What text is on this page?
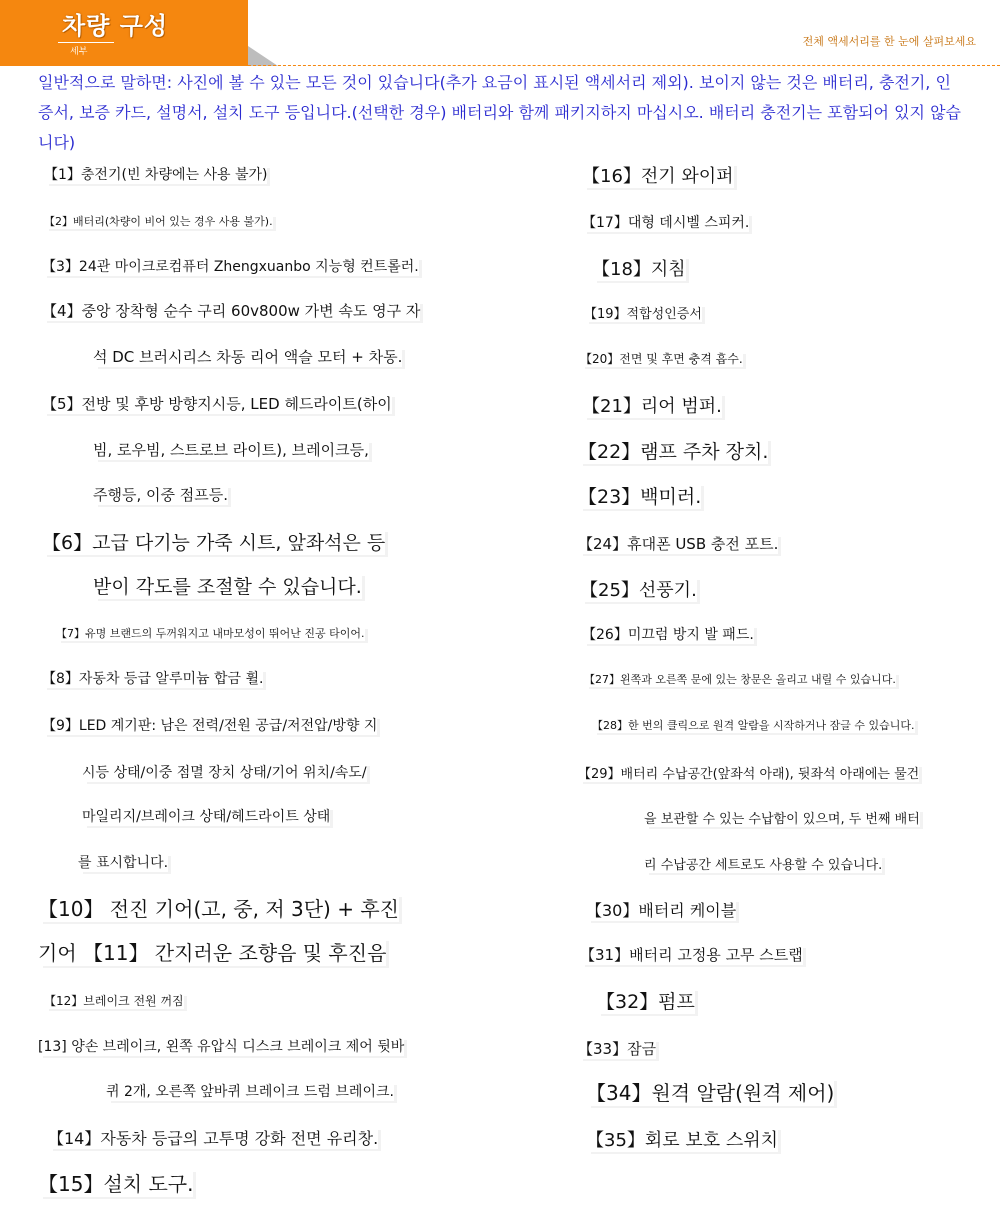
차량 구성
세부
전체 액세서리를 한 눈에 살펴보세요
일반적으로 말하면: 사진에 볼 수 있는 모든 것이 있습니다(추가 요금이 표시된 액세서리 제외). 보이지 않는 것은 배터리, 충전기, 인증서, 보증 카드, 설명서, 설치 도구 등입니다.(선택한 경우) 배터리와 함께 패키지하지 마십시오. 배터리 충전기는 포함되어 있지 않습니다)
【1】충전기(빈 차량에는 사용 불가)
【2】배터리(차량이 비어 있는 경우 사용 불가).
【3】24관 마이크로컴퓨터 Zhengxuanbo 지능형 컨트롤러.
【4】중앙 장착형 순수 구리 60v800w 가변 속도 영구 자
석 DC 브러시리스 차동 리어 액슬 모터 + 차동.
【5】전방 및 후방 방향지시등, LED 헤드라이트(하이
빔, 로우빔, 스트로브 라이트), 브레이크등,
주행등, 이중 점프등.
【6】고급 다기능 가죽 시트, 앞좌석은 등
받이 각도를 조절할 수 있습니다.
【7】유명 브랜드의 두꺼워지고 내마모성이 뛰어난 진공 타이어.
【8】자동차 등급 알루미늄 합금 휠.
【9】LED 계기판: 남은 전력/전원 공급/저전압/방향 지
시등 상태/이중 점멸 장치 상태/기어 위치/속도/
마일리지/브레이크 상태/헤드라이트 상태
를 표시합니다.
【10】 전진 기어(고, 중, 저 3단) + 후진
기어 【11】 간지러운 조향음 및 후진음
【12】브레이크 전원 꺼짐
[13] 양손 브레이크, 왼쪽 유압식 디스크 브레이크 제어 뒷바
퀴 2개, 오른쪽 앞바퀴 브레이크 드럼 브레이크.
【14】자동차 등급의 고투명 강화 전면 유리창.
【15】설치 도구.
【16】전기 와이퍼
【17】대형 데시벨 스피커.
【18】지침
【19】적합성인증서
【20】전면 및 후면 충격 흡수.
【21】리어 범퍼.
【22】램프 주차 장치.
【23】백미러.
【24】휴대폰 USB 충전 포트.
【25】선풍기.
【26】미끄럼 방지 발 패드.
【27】왼쪽과 오른쪽 문에 있는 창문은 올리고 내릴 수 있습니다.
【28】한 번의 클릭으로 원격 알람을 시작하거나 잠글 수 있습니다.
【29】배터리 수납공간(앞좌석 아래), 뒷좌석 아래에는 물건
을 보관할 수 있는 수납함이 있으며, 두 번째 배터
리 수납공간 세트로도 사용할 수 있습니다.
【30】배터리 케이블
【31】배터리 고정용 고무 스트랩
【32】펌프
【33】잠금
【34】원격 알람(원격 제어)
【35】회로 보호 스위치
